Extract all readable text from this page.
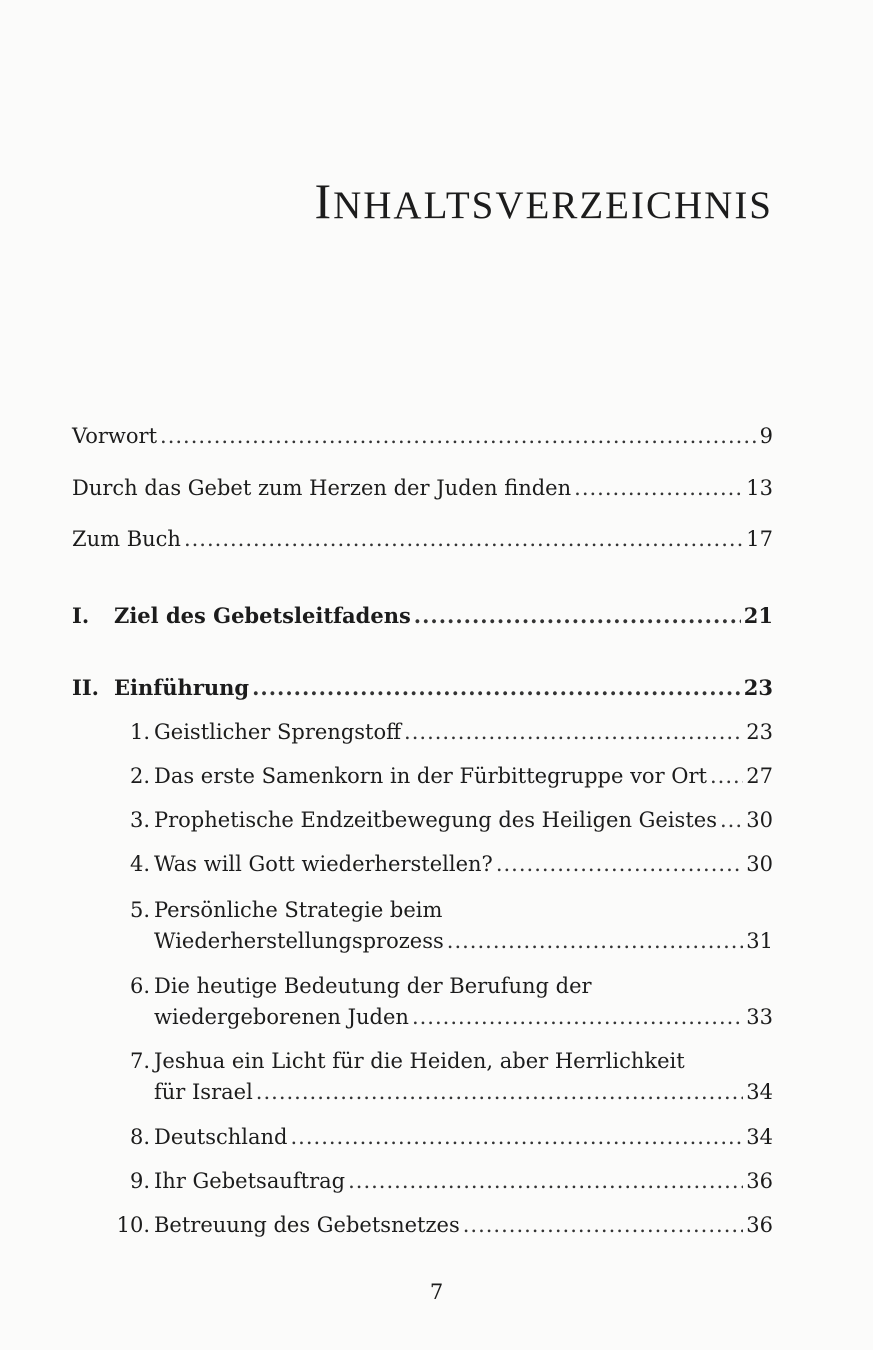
INHALTSVERZEICHNIS
Vorwort .....	9
Durch das Gebet zum Herzen der Juden finden .....	13
Zum Buch .....	17
I.	Ziel des Gebetsleitfadens .....	21
II. Einführung .....	23
1. Geistlicher Sprengstoff .....	23
2. Das erste Samenkorn in der Fürbittegruppe vor Ort ..... 27
3. Prophetische Endzeitbewegung des Heiligen Geistes ..... 30
4. Was will Gott wiederherstellen? .....	30
5. Persönliche Strategie beim
Wiederherstellungsprozess .....	31
6. Die heutige Bedeutung der Berufung der
wiedergeborenen Juden .....	33
7. Jeshua ein Licht für die Heiden, aber Herrlichkeit
für Israel .....	34
8. Deutschland .....	34
9. Ihr Gebetsauftrag .....	36
10. Betreuung des Gebetsnetzes .....	36
7
